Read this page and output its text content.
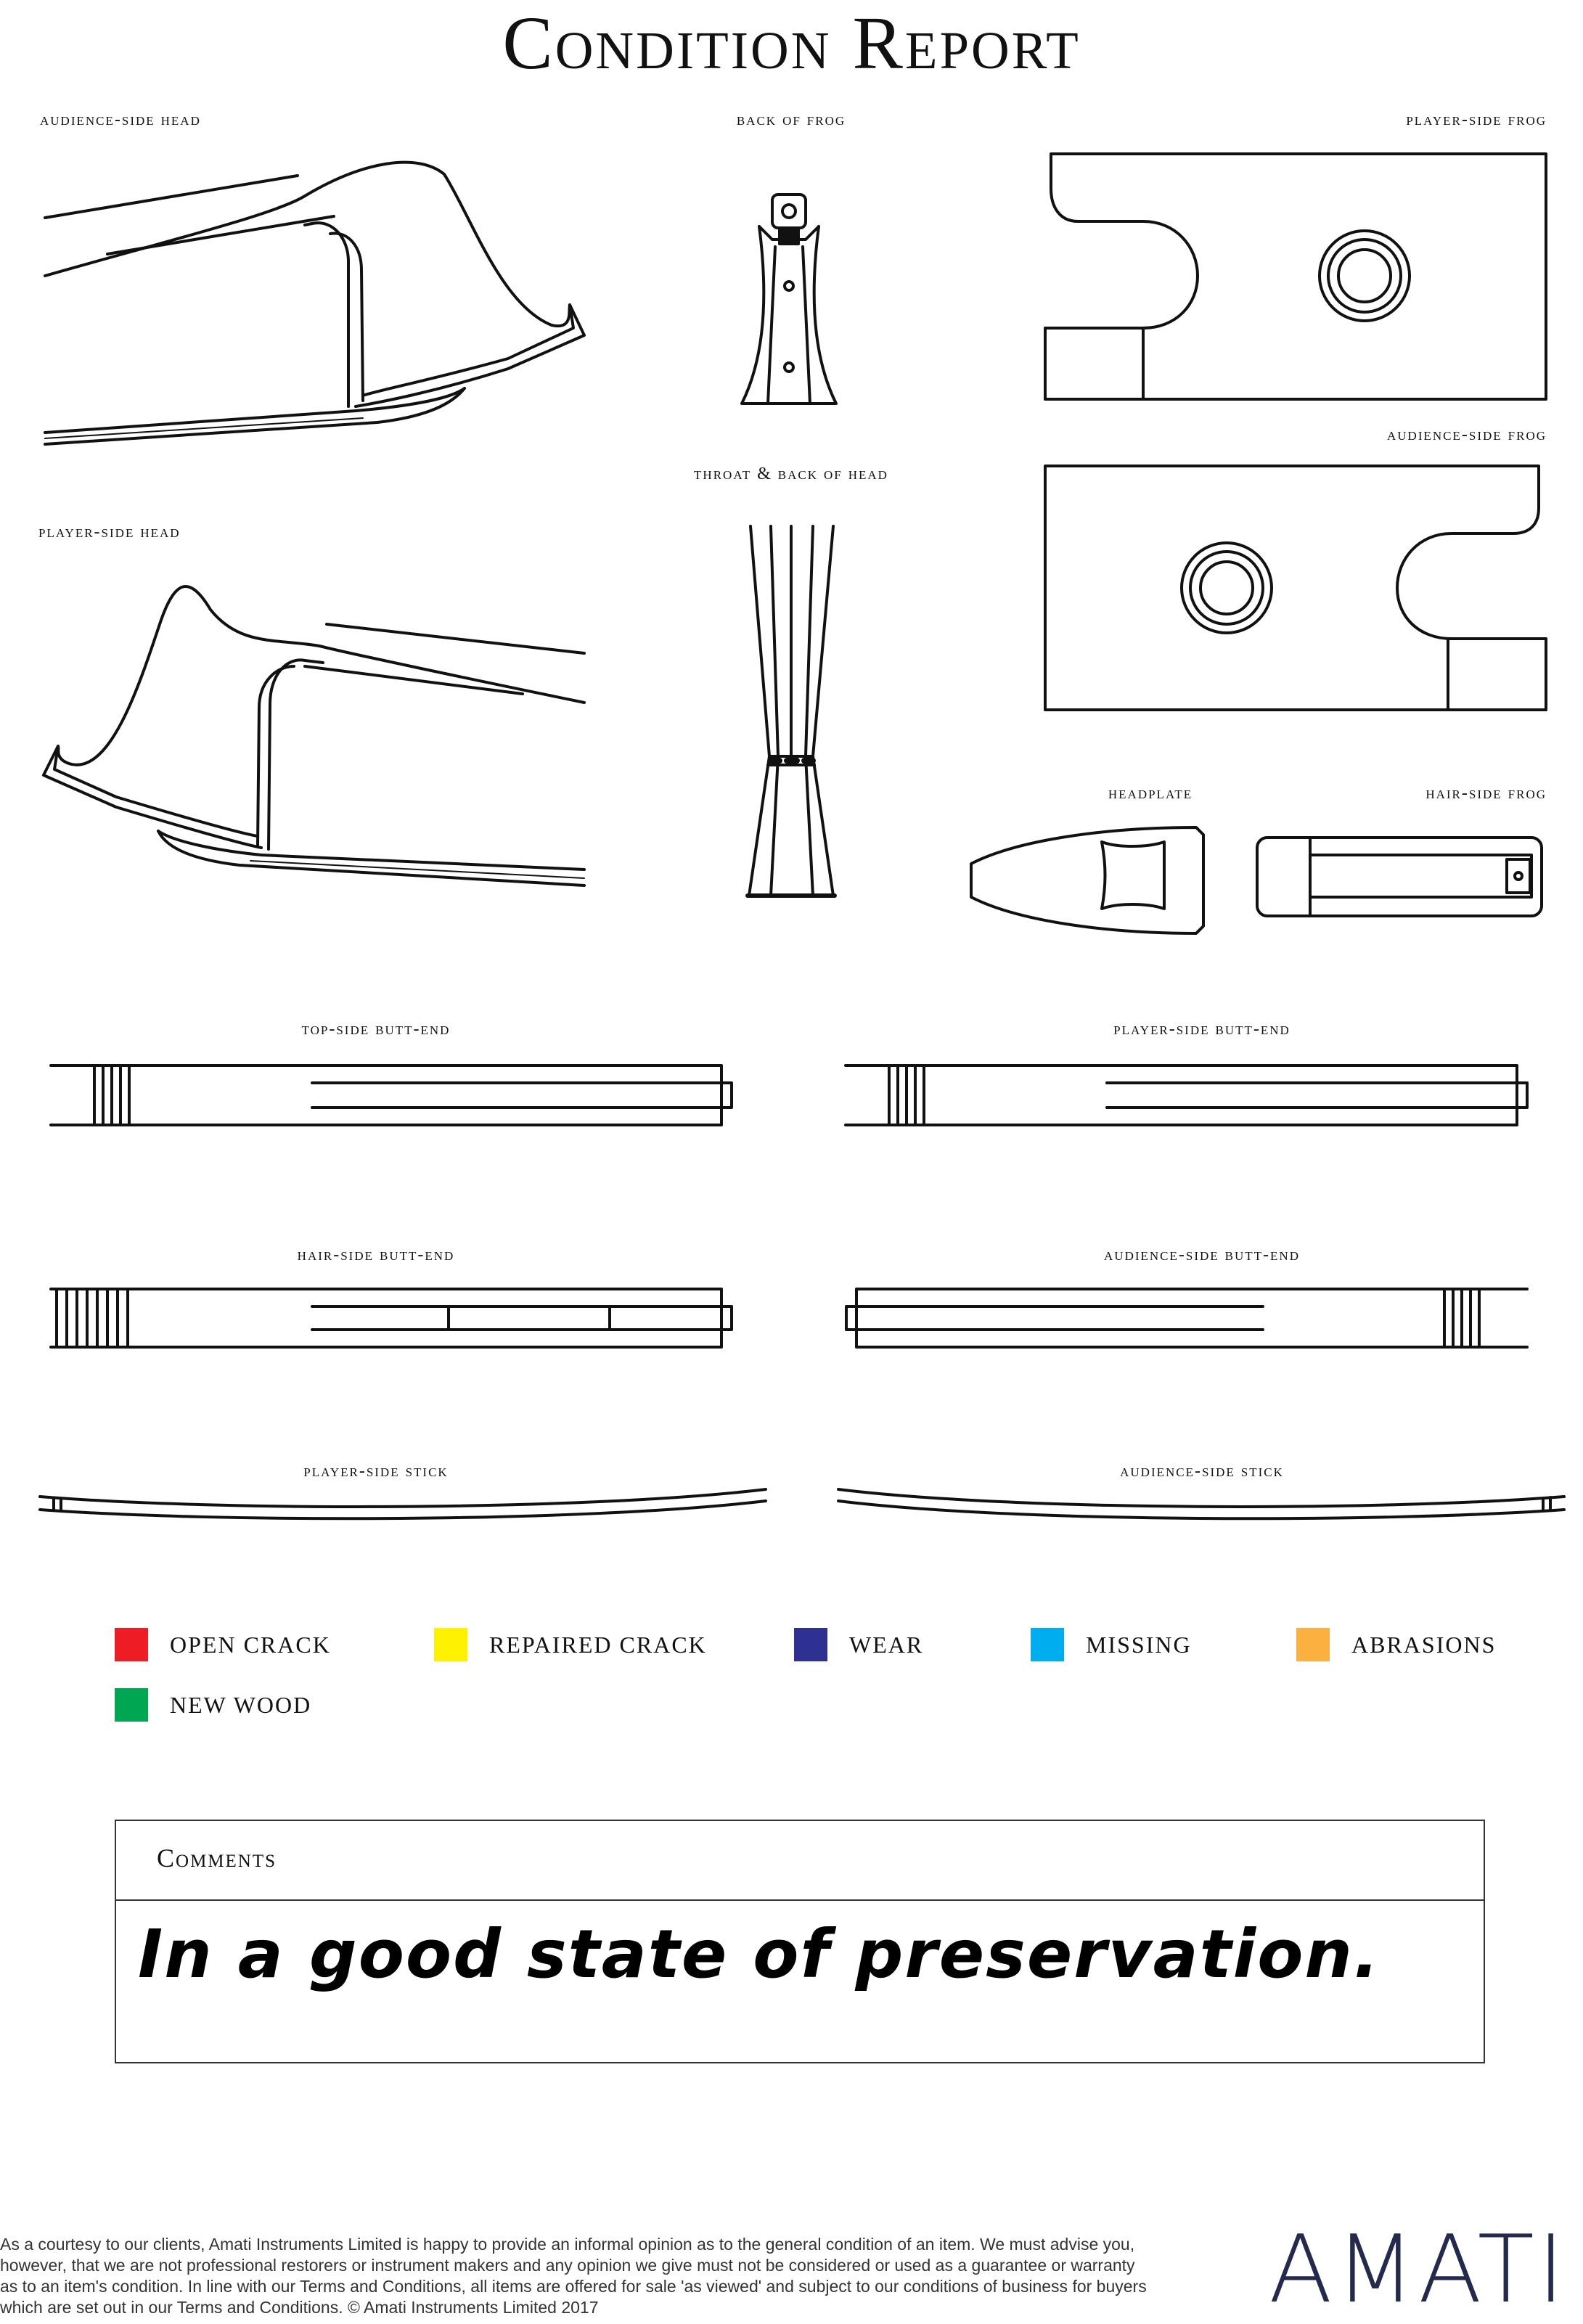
Condition Report
audience-side head	back of frog	player-side frog
audience-side frog
throat & back of head
player-side head
headplate	hair-side frog
top-side butt-end	player-side butt-end
hair-side butt-end	audience-side butt-end
player-side stick	audience-side stick
OPEN CRACK	REPAIRED CRACK	WEAR	MISSING	ABRASIONS
NEW WOOD
Comments
In a good state of preservation.
As a courtesy to our clients, Amati Instruments Limited is happy to provide an informal opinion as to the general condition of an item. We must advise you, however, that we are not professional restorers or instrument makers and any opinion we give must not be considered or used as a guarantee or warranty as to an item's condition. In line with our Terms and Conditions, all items are offered for sale 'as viewed' and subject to our conditions of business for buyers which are set out in our Terms and Conditions. © Amati Instruments Limited 2017	AMATI
